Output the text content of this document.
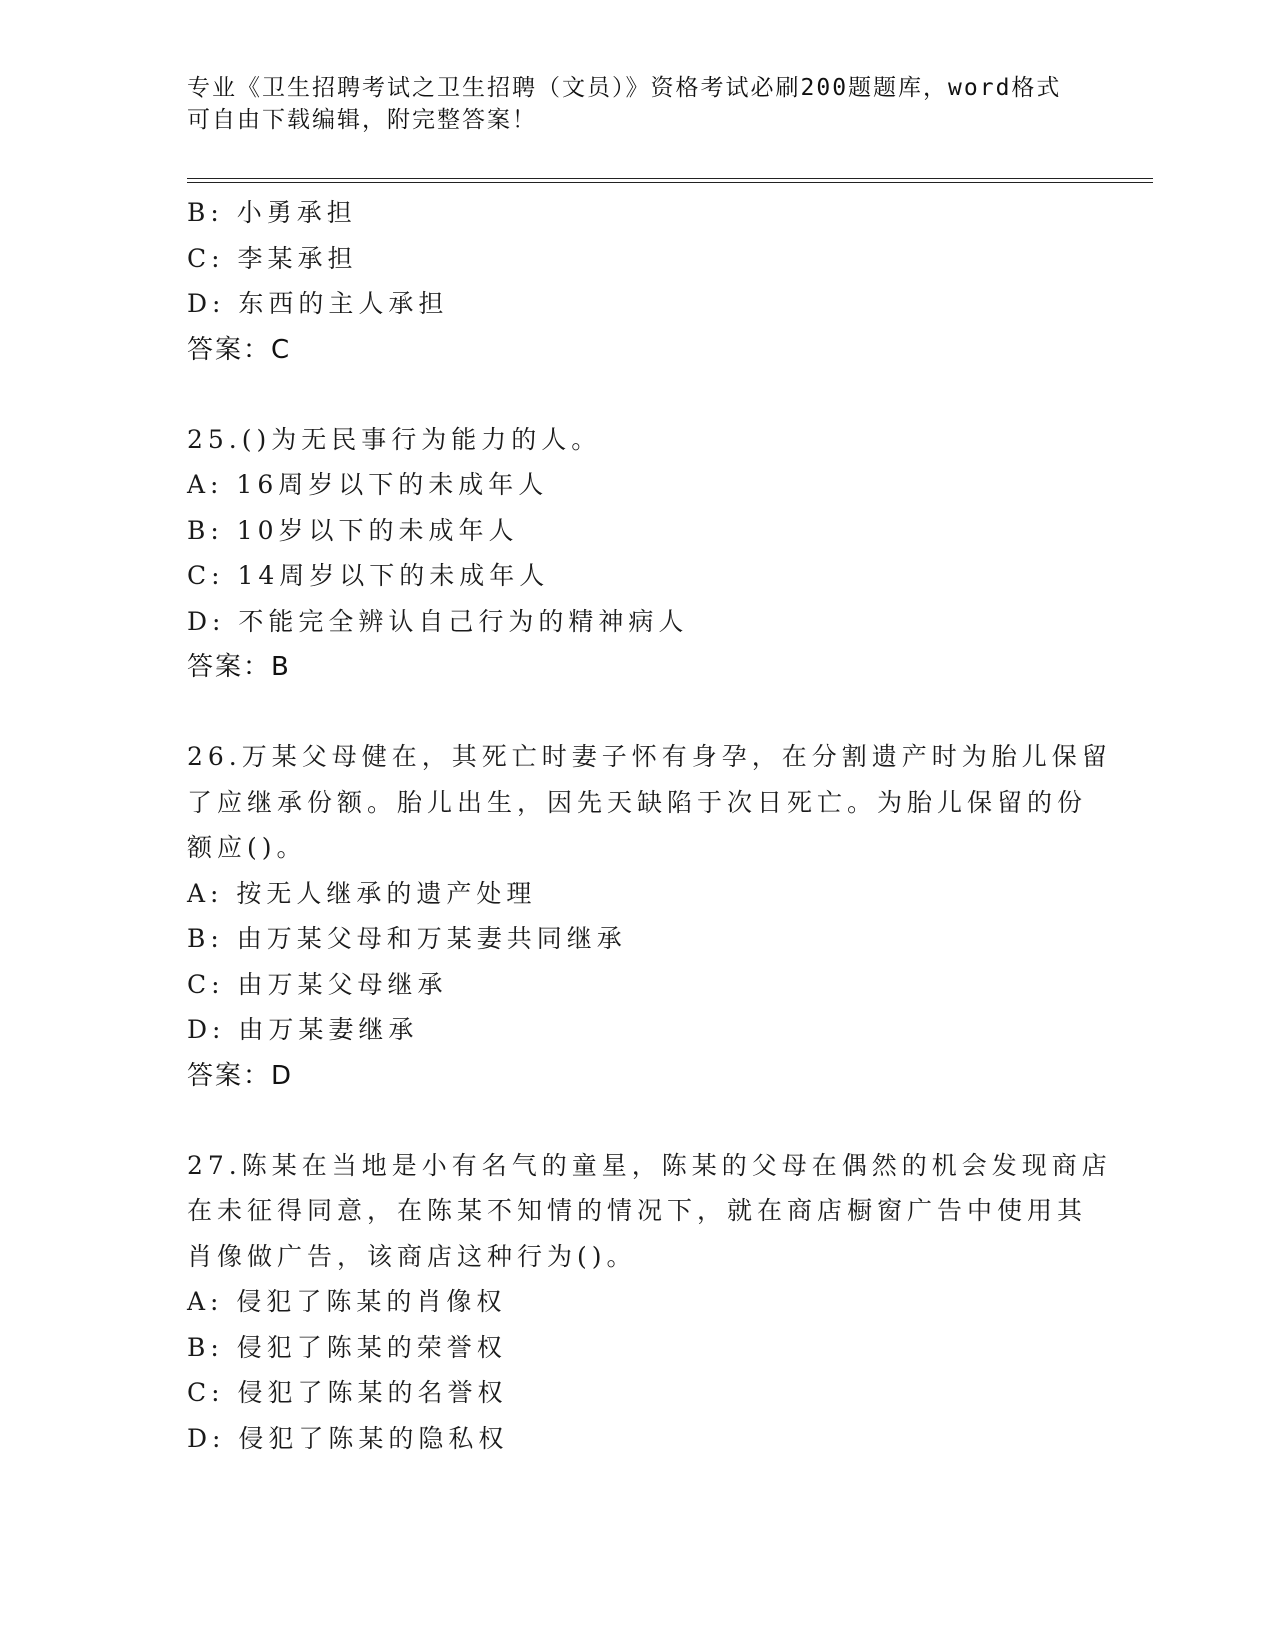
专业《卫生招聘考试之卫生招聘（文员）》资格考试必刷200题题库，word格式
可自由下载编辑，附完整答案！
B: 小勇承担
C: 李某承担
D: 东西的主人承担
答案：C
25.()为无民事行为能力的人。
A: 16周岁以下的未成年人
B: 10岁以下的未成年人
C: 14周岁以下的未成年人
D: 不能完全辨认自己行为的精神病人
答案：B
26.万某父母健在，其死亡时妻子怀有身孕，在分割遗产时为胎儿保留
了应继承份额。胎儿出生，因先天缺陷于次日死亡。为胎儿保留的份
额应()。
A: 按无人继承的遗产处理
B: 由万某父母和万某妻共同继承
C: 由万某父母继承
D: 由万某妻继承
答案：D
27.陈某在当地是小有名气的童星，陈某的父母在偶然的机会发现商店
在未征得同意，在陈某不知情的情况下，就在商店橱窗广告中使用其
肖像做广告，该商店这种行为()。
A: 侵犯了陈某的肖像权
B: 侵犯了陈某的荣誉权
C: 侵犯了陈某的名誉权
D: 侵犯了陈某的隐私权
